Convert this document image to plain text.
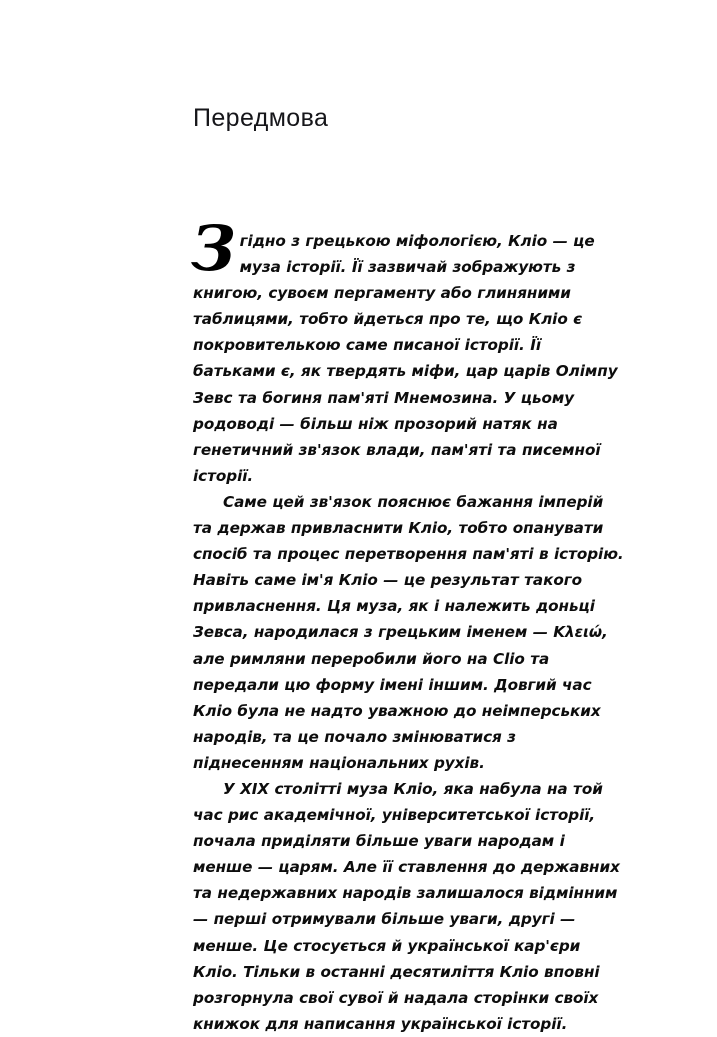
Передмова

Згідно з грецькою міфологією, Кліо — це муза історії. Її зазвичай зображують з книгою, сувоєм пергаменту або глиняними таблицями, тобто йдеться про те, що Кліо є покровителькою саме писаної історії. Її батьками є, як твердять міфи, цар царів Олімпу Зевс та богиня пам'яті Мнемозина. У цьому родоводі — більш ніж прозорий натяк на генетичний зв'язок влади, пам'яті та писемної історії.

Саме цей зв'язок пояснює бажання імперій та держав привласнити Кліо, тобто опанувати спосіб та процес перетворення пам'яті в історію. Навіть саме ім'я Кліо — це результат такого привласнення. Ця муза, як і належить доньці Зевса, народилася з грецьким іменем — Κλειώ, але римляни переробили його на Clio та передали цю форму імені іншим. Довгий час Кліо була не надто уважною до неімперських народів, та це почало змінюватися з піднесенням національних рухів.

У XIX столітті муза Кліо, яка набула на той час рис академічної, університетської історії, почала приділяти більше уваги народам і менше — царям. Але її ставлення до державних та недержавних народів залишалося відмінним — перші отримували більше уваги, другі — менше. Це стосується й української кар'єри Кліо. Тільки в останні десятиліття Кліо вповні розгорнула свої сувої й надала сторінки своїх книжок для написання української історії.
